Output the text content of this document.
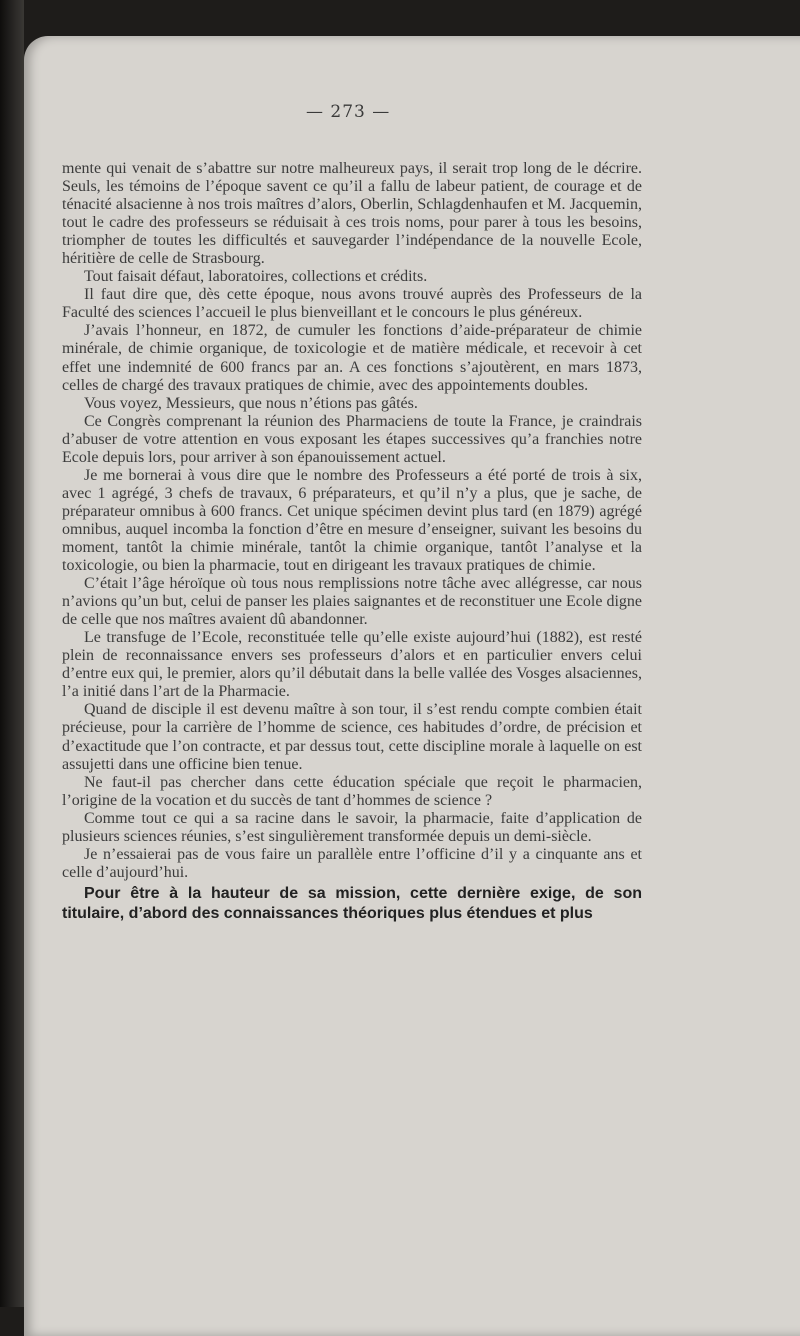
— 273 —

mente qui venait de s’abattre sur notre malheureux pays, il serait trop long de le décrire. Seuls, les témoins de l’époque savent ce qu’il a fallu de labeur patient, de courage et de ténacité alsacienne à nos trois maîtres d’alors, Oberlin, Schlagdenhaufen et M. Jacquemin, tout le cadre des professeurs se réduisait à ces trois noms, pour parer à tous les besoins, triompher de toutes les difficultés et sauvegarder l’indépendance de la nouvelle Ecole, héritière de celle de Strasbourg.

Tout faisait défaut, laboratoires, collections et crédits.

Il faut dire que, dès cette époque, nous avons trouvé auprès des Professeurs de la Faculté des sciences l’accueil le plus bienveillant et le concours le plus généreux.

J’avais l’honneur, en 1872, de cumuler les fonctions d’aide-préparateur de chimie minérale, de chimie organique, de toxicologie et de matière médicale, et recevoir à cet effet une indemnité de 600 francs par an. A ces fonctions s’ajoutèrent, en mars 1873, celles de chargé des travaux pratiques de chimie, avec des appointements doubles.

Vous voyez, Messieurs, que nous n’étions pas gâtés.

Ce Congrès comprenant la réunion des Pharmaciens de toute la France, je craindrais d’abuser de votre attention en vous exposant les étapes successives qu’a franchies notre Ecole depuis lors, pour arriver à son épanouissement actuel.

Je me bornerai à vous dire que le nombre des Professeurs a été porté de trois à six, avec 1 agrégé, 3 chefs de travaux, 6 préparateurs, et qu’il n’y a plus, que je sache, de préparateur omnibus à 600 francs. Cet unique spécimen devint plus tard (en 1879) agrégé omnibus, auquel incomba la fonction d’être en mesure d’enseigner, suivant les besoins du moment, tantôt la chimie minérale, tantôt la chimie organique, tantôt l’analyse et la toxicologie, ou bien la pharmacie, tout en dirigeant les travaux pratiques de chimie.

C’était l’âge héroïque où tous nous remplissions notre tâche avec allégresse, car nous n’avions qu’un but, celui de panser les plaies saignantes et de reconstituer une Ecole digne de celle que nos maîtres avaient dû abandonner.

Le transfuge de l’Ecole, reconstituée telle qu’elle existe aujourd’hui (1882), est resté plein de reconnaissance envers ses professeurs d’alors et en particulier envers celui d’entre eux qui, le premier, alors qu’il débutait dans la belle vallée des Vosges alsaciennes, l’a initié dans l’art de la Pharmacie.

Quand de disciple il est devenu maître à son tour, il s’est rendu compte combien était précieuse, pour la carrière de l’homme de science, ces habitudes d’ordre, de précision et d’exactitude que l’on contracte, et par dessus tout, cette discipline morale à laquelle on est assujetti dans une officine bien tenue.

Ne faut-il pas chercher dans cette éducation spéciale que reçoit le pharmacien, l’origine de la vocation et du succès de tant d’hommes de science ?

Comme tout ce qui a sa racine dans le savoir, la pharmacie, faite d’application de plusieurs sciences réunies, s’est singulièrement transformée depuis un demi-siècle.

Je n’essaierai pas de vous faire un parallèle entre l’officine d’il y a cinquante ans et celle d’aujourd’hui.

Pour être à la hauteur de sa mission, cette dernière exige, de son titulaire, d’abord des connaissances théoriques plus étendues et plus
